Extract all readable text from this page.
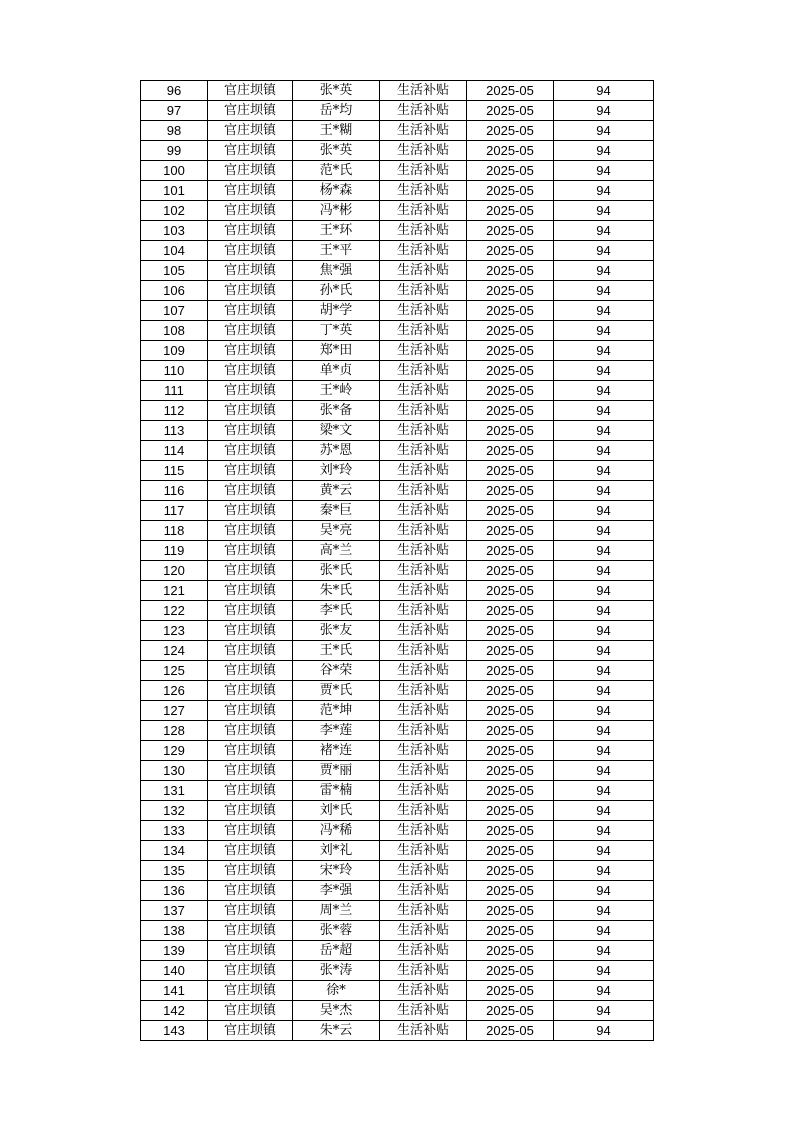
96	官庄坝镇	张*英	生活补贴	2025-05	94
97	官庄坝镇	岳*均	生活补贴	2025-05	94
98	官庄坝镇	王*糊	生活补贴	2025-05	94
99	官庄坝镇	张*英	生活补贴	2025-05	94
100	官庄坝镇	范*氏	生活补贴	2025-05	94
101	官庄坝镇	杨*森	生活补贴	2025-05	94
102	官庄坝镇	冯*彬	生活补贴	2025-05	94
103	官庄坝镇	王*环	生活补贴	2025-05	94
104	官庄坝镇	王*平	生活补贴	2025-05	94
105	官庄坝镇	焦*强	生活补贴	2025-05	94
106	官庄坝镇	孙*氏	生活补贴	2025-05	94
107	官庄坝镇	胡*学	生活补贴	2025-05	94
108	官庄坝镇	丁*英	生活补贴	2025-05	94
109	官庄坝镇	郑*田	生活补贴	2025-05	94
110	官庄坝镇	单*贞	生活补贴	2025-05	94
111	官庄坝镇	王*岭	生活补贴	2025-05	94
112	官庄坝镇	张*备	生活补贴	2025-05	94
113	官庄坝镇	梁*文	生活补贴	2025-05	94
114	官庄坝镇	苏*恩	生活补贴	2025-05	94
115	官庄坝镇	刘*玲	生活补贴	2025-05	94
116	官庄坝镇	黄*云	生活补贴	2025-05	94
117	官庄坝镇	秦*巨	生活补贴	2025-05	94
118	官庄坝镇	吴*亮	生活补贴	2025-05	94
119	官庄坝镇	高*兰	生活补贴	2025-05	94
120	官庄坝镇	张*氏	生活补贴	2025-05	94
121	官庄坝镇	朱*氏	生活补贴	2025-05	94
122	官庄坝镇	李*氏	生活补贴	2025-05	94
123	官庄坝镇	张*友	生活补贴	2025-05	94
124	官庄坝镇	王*氏	生活补贴	2025-05	94
125	官庄坝镇	谷*荣	生活补贴	2025-05	94
126	官庄坝镇	贾*氏	生活补贴	2025-05	94
127	官庄坝镇	范*坤	生活补贴	2025-05	94
128	官庄坝镇	李*莲	生活补贴	2025-05	94
129	官庄坝镇	褚*连	生活补贴	2025-05	94
130	官庄坝镇	贾*丽	生活补贴	2025-05	94
131	官庄坝镇	雷*楠	生活补贴	2025-05	94
132	官庄坝镇	刘*氏	生活补贴	2025-05	94
133	官庄坝镇	冯*稀	生活补贴	2025-05	94
134	官庄坝镇	刘*礼	生活补贴	2025-05	94
135	官庄坝镇	宋*玲	生活补贴	2025-05	94
136	官庄坝镇	李*强	生活补贴	2025-05	94
137	官庄坝镇	周*兰	生活补贴	2025-05	94
138	官庄坝镇	张*蓉	生活补贴	2025-05	94
139	官庄坝镇	岳*超	生活补贴	2025-05	94
140	官庄坝镇	张*涛	生活补贴	2025-05	94
141	官庄坝镇	徐*	生活补贴	2025-05	94
142	官庄坝镇	吴*杰	生活补贴	2025-05	94
143	官庄坝镇	朱*云	生活补贴	2025-05	94
